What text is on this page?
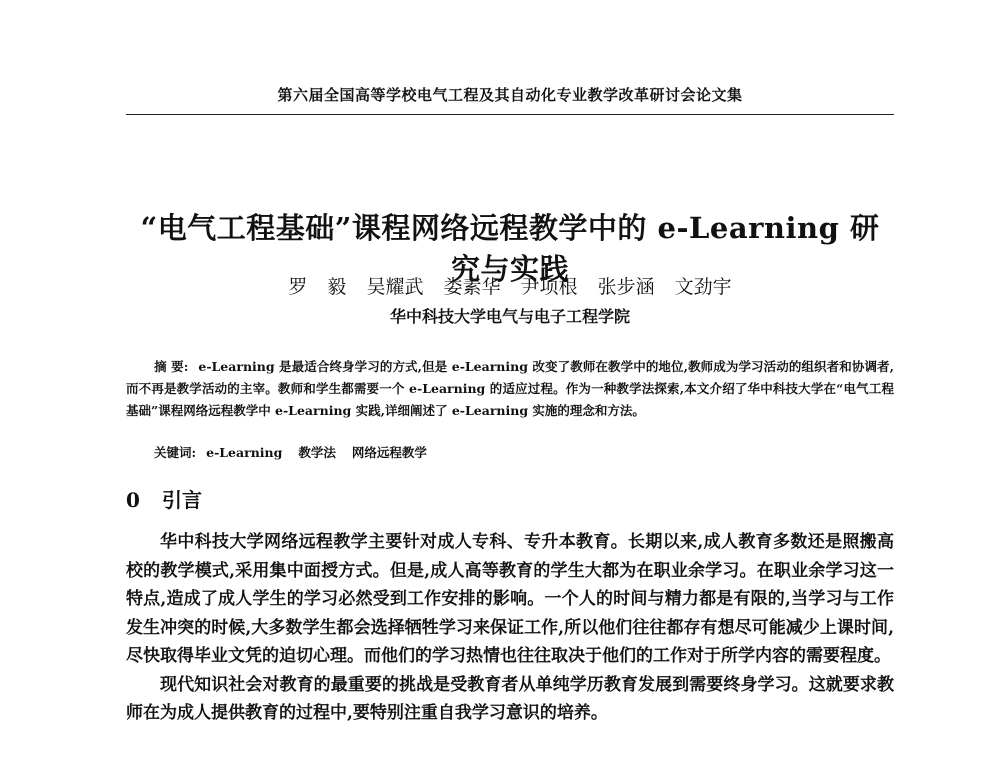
第六届全国高等学校电气工程及其自动化专业教学改革研讨会论文集
“电气工程基础”课程网络远程教学中的 e-Learning 研究与实践
罗 毅 吴耀武 娄素华 尹项根 张步涵 文劲宇
华中科技大学电气与电子工程学院
摘 要: e-Learning 是最适合终身学习的方式,但是 e-Learning 改变了教师在教学中的地位,教师成为学习活动的组织者和协调者,而不再是教学活动的主宰。教师和学生都需要一个 e-Learning 的适应过程。作为一种教学法探索,本文介绍了华中科技大学在“电气工程基础”课程网络远程教学中 e-Learning 实践,详细阐述了 e-Learning 实施的理念和方法。
关键词: e-Learning 教学法 网络远程教学
0 引言

华中科技大学网络远程教学主要针对成人专科、专升本教育。长期以来,成人教育多数还是照搬高校的教学模式,采用集中面授方式。但是,成人高等教育的学生大都为在职业余学习。在职业余学习这一特点,造成了成人学生的学习必然受到工作安排的影响。一个人的时间与精力都是有限的,当学习与工作发生冲突的时候,大多数学生都会选择牺牲学习来保证工作,所以他们往往都存有想尽可能减少上课时间,尽快取得毕业文凭的迫切心理。而他们的学习热情也往往取决于他们的工作对于所学内容的需要程度。

现代知识社会对教育的最重要的挑战是受教育者从单纯学历教育发展到需要终身学习。这就要求教师在为成人提供教育的过程中,要特别注重自我学习意识的培养。
